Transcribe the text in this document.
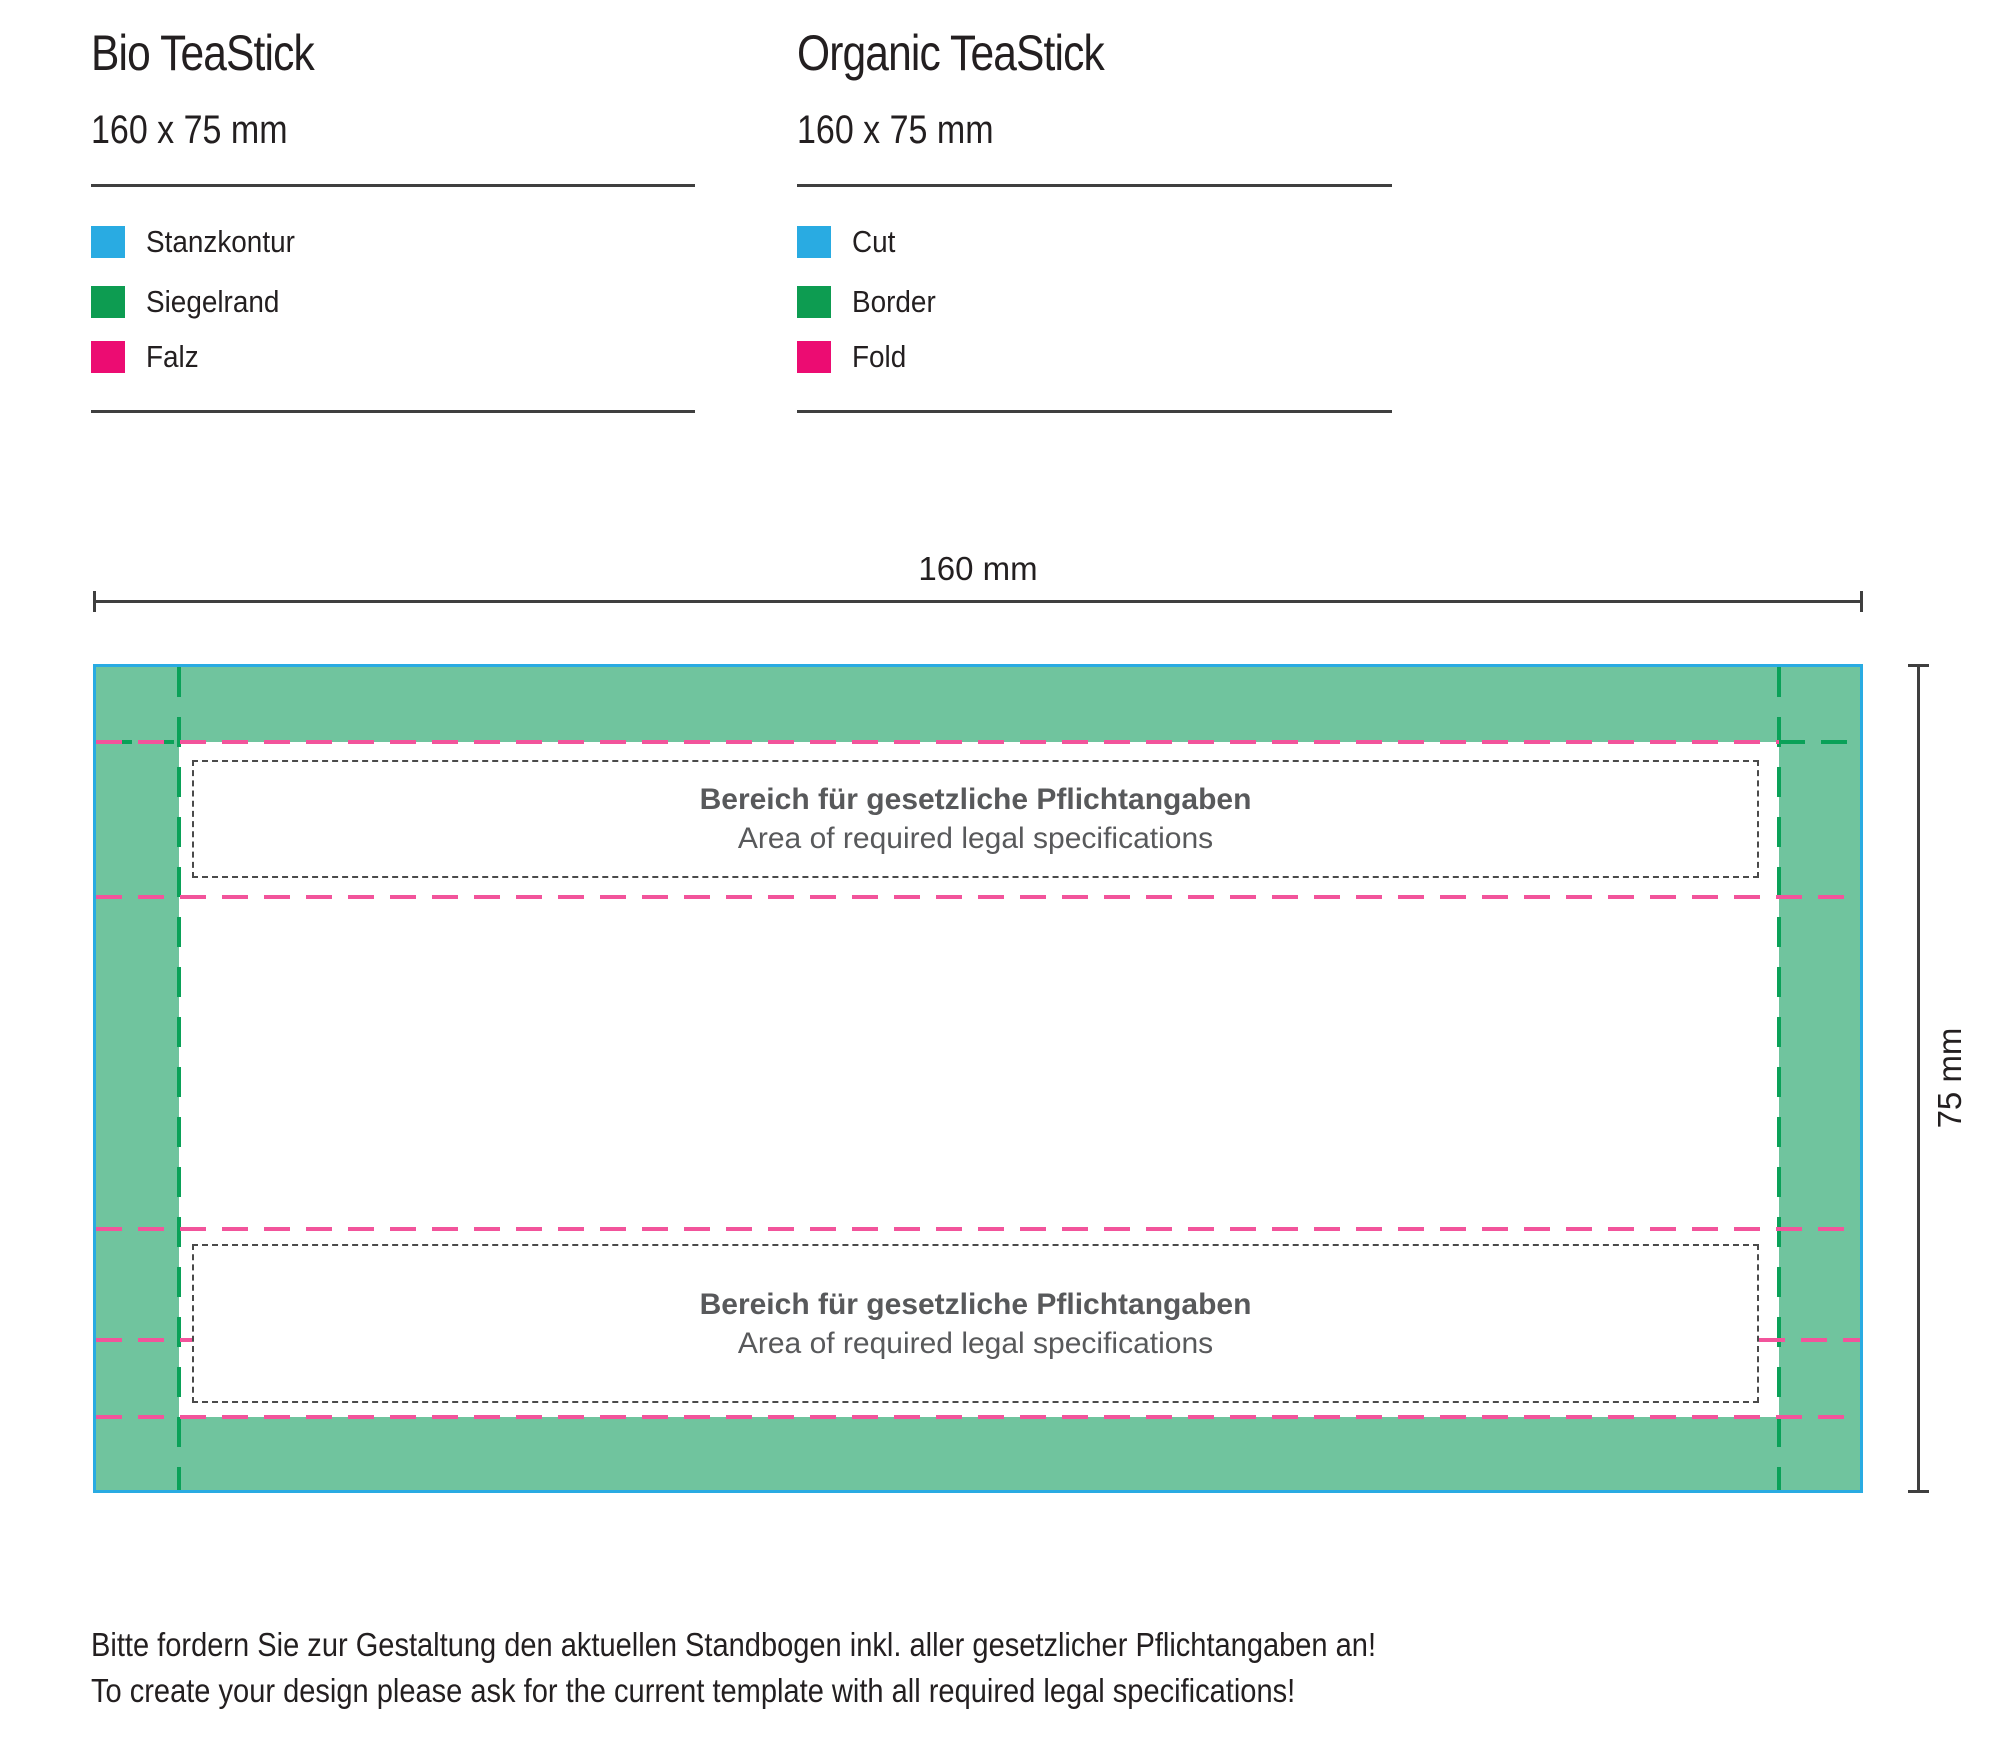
Bio TeaStick
160 x 75 mm
Stanzkontur
Siegelrand
Falz
Organic TeaStick
160 x 75 mm
Cut
Border
Fold
160 mm
75 mm
Bereich für gesetzliche Pflichtangaben
Area of required legal specifications
Bereich für gesetzliche Pflichtangaben
Area of required legal specifications
Bitte fordern Sie zur Gestaltung den aktuellen Standbogen inkl. aller gesetzlicher Pflichtangaben an!
To create your design please ask for the current template with all required legal specifications!
